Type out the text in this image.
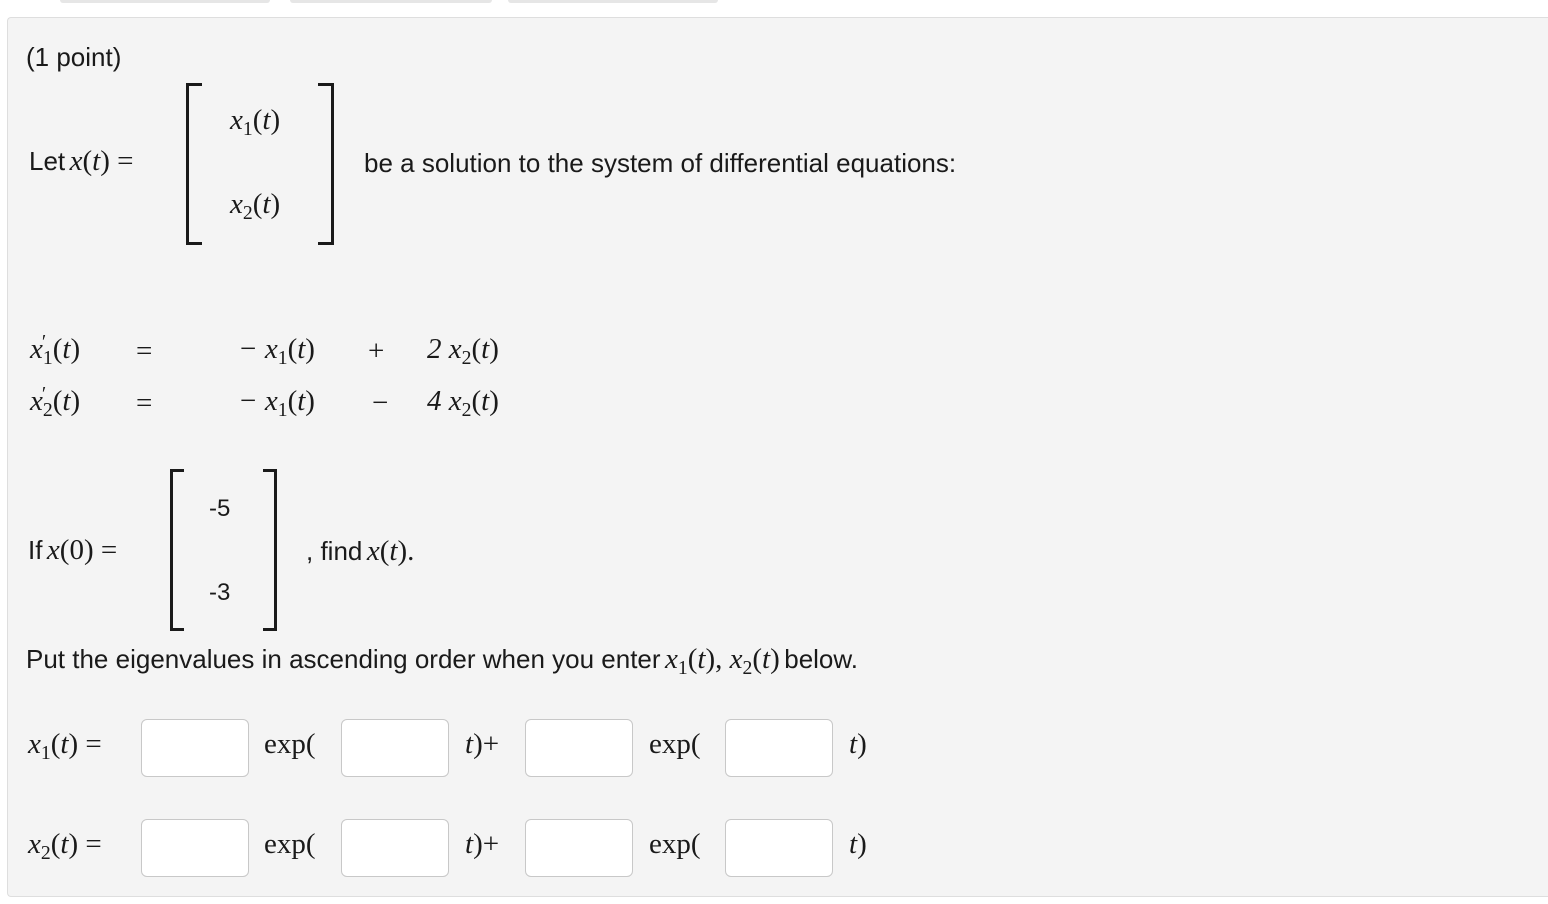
(1 point)
Let x(t) =
$x_1(t)$
$x_2(t)$
be a solution to the system of differential equations:
$x'_1(t)$ =	− $x_1(t) + 2$ $x_2(t)$
$x'_2(t)$ =	− $x_1(t) - 4$ $x_2(t)$
If x(0) =
-5
-3
, find x(t).
Put the eigenvalues in ascending order when you enter $x_1(t)$, $x_2(t)$ below.
$x_1(t)$ =	exp(	t)+	exp(	t)
$x_2(t)$ =	exp(	t)+	exp(	t)
